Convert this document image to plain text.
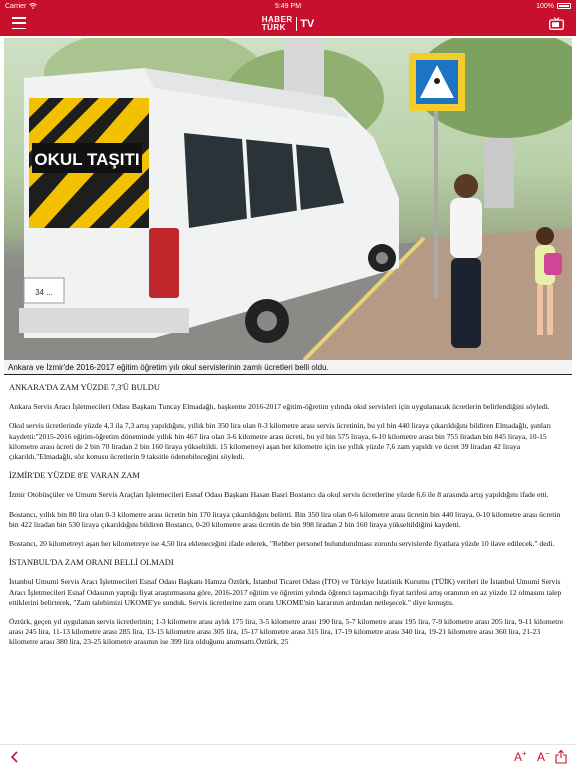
Carrier	5:49 PM	100%
HABER
TÜRK	TV
OKUL TAŞITI
34 ...
Ankara ve İzmir'de 2016-2017 eğitim öğretim yılı okul servislerinin zamlı ücretleri belli oldu.
ANKARA'DA ZAM YÜZDE 7,3'Ü BULDU

Ankara Servis Aracı İşletmecileri Odası Başkanı Tuncay Elmadağlı, başkentte 2016-2017 eğitim-öğretim yılında okul servisleri için uygulanacak ücretlerin belirlendiğini söyledi.

Okul servis ücretlerinde yüzde 4,3 ila 7,3 artış yapıldığını, yıllık bin 350 lira olan 0-3 kilometre arası servis ücretinin, bu yıl bin 440 liraya çıkarıldığını bildiren Elmadağlı, şunları kaydetti:"2015-2016 eğitim-öğretim döneminde yıllık bin 467 lira olan 3-6 kilometre arası ücreti, bu yıl bin 575 liraya, 6-10 kilometre arası bin 755 liradan bin 845 liraya, 10-15 kilometre arası ücreti de 2 bin 70 liradan 2 bin 160 liraya yükseltildi. 15 kilometreyi aşan her kilometre için ise yıllık yüzde 7,6 zam yapıldı ve ücret 39 liradan 42 liraya çıkarıldı."Elmadağlı, söz konusu ücretlerin 9 taksitle ödenebileceğini söyledi.

İZMİR'DE YÜZDE 8'E VARAN ZAM

İzmir Otobüsçüler ve Umum Servis Araçları İşletmecileri Esnaf Odası Başkanı Hasan Basri Bostancı da okul servis ücretlerine yüzde 6,6 ile 8 arasında artış yapıldığını ifade etti.

Bostancı, yıllık bin 80 lira olan 0-3 kilometre arası ücretin bin 170 liraya çıkarıldığını belirtti. Bin 350 lira olan 0-6 kilometre arası ücretin bin 440 liraya, 0-10 kilometre arası ücretin bin 422 liradan bin 530 liraya çıkarıldığını bildiren Bostancı, 0-20 kilometre arası ücretin de bin 998 liradan 2 bin 160 liraya yükseltildiğini kaydetti.

Bostancı, 20 kilometreyi aşan her kilometreye ise 4,50 lira ekleneceğini ifade ederek, "Rehber personel bulundurulması zorunlu servislerde fiyatlara yüzde 10 ilave edilecek." dedi.

İSTANBUL'DA ZAM ORANI BELLİ OLMADI

İstanbul Umumi Servis Aracı İşletmecileri Esnaf Odası Başkanı Hamza Öztürk, İstanbul Ticaret Odası (İTO) ve Türkiye İstatistik Kurumu (TÜİK) verileri ile İstanbul Umumi Servis Aracı İşletmecileri Esnaf Odasının yaptığı fiyat araştırmasına göre, 2016-2017 eğitim ve öğretim yılında öğrenci taşımacılığı fiyat tarifesi artış oranının en az yüzde 12 olmasını talep ettiklerini belirterek, "Zam talebimizi UKOME'ye sunduk. Servis ücretlerine zam oranı UKOME'nin kararının ardından netleşecek." diye konuştu.

Öztürk, geçen yıl uygulanan servis ücretlerinin; 1-3 kilometre arası aylık 175 lira, 3-5 kilometre arası 190 lira, 5-7 kilometre arası 195 lira, 7-9 kilometre arası 205 lira, 9-11 kilometre arası 245 lira, 11-13 kilometre arası 285 lira, 13-15 kilometre arası 305 lira, 15-17 kilometre arası 315 lira, 17-19 kilometre arası 340 lira, 19-21 kilometre arası 360 lira, 21-23 kilometre arası 380 lira, 23-25 kilometre arasının ise 399 lira olduğunu anımsattı.Öztürk, 25

A+ A−
